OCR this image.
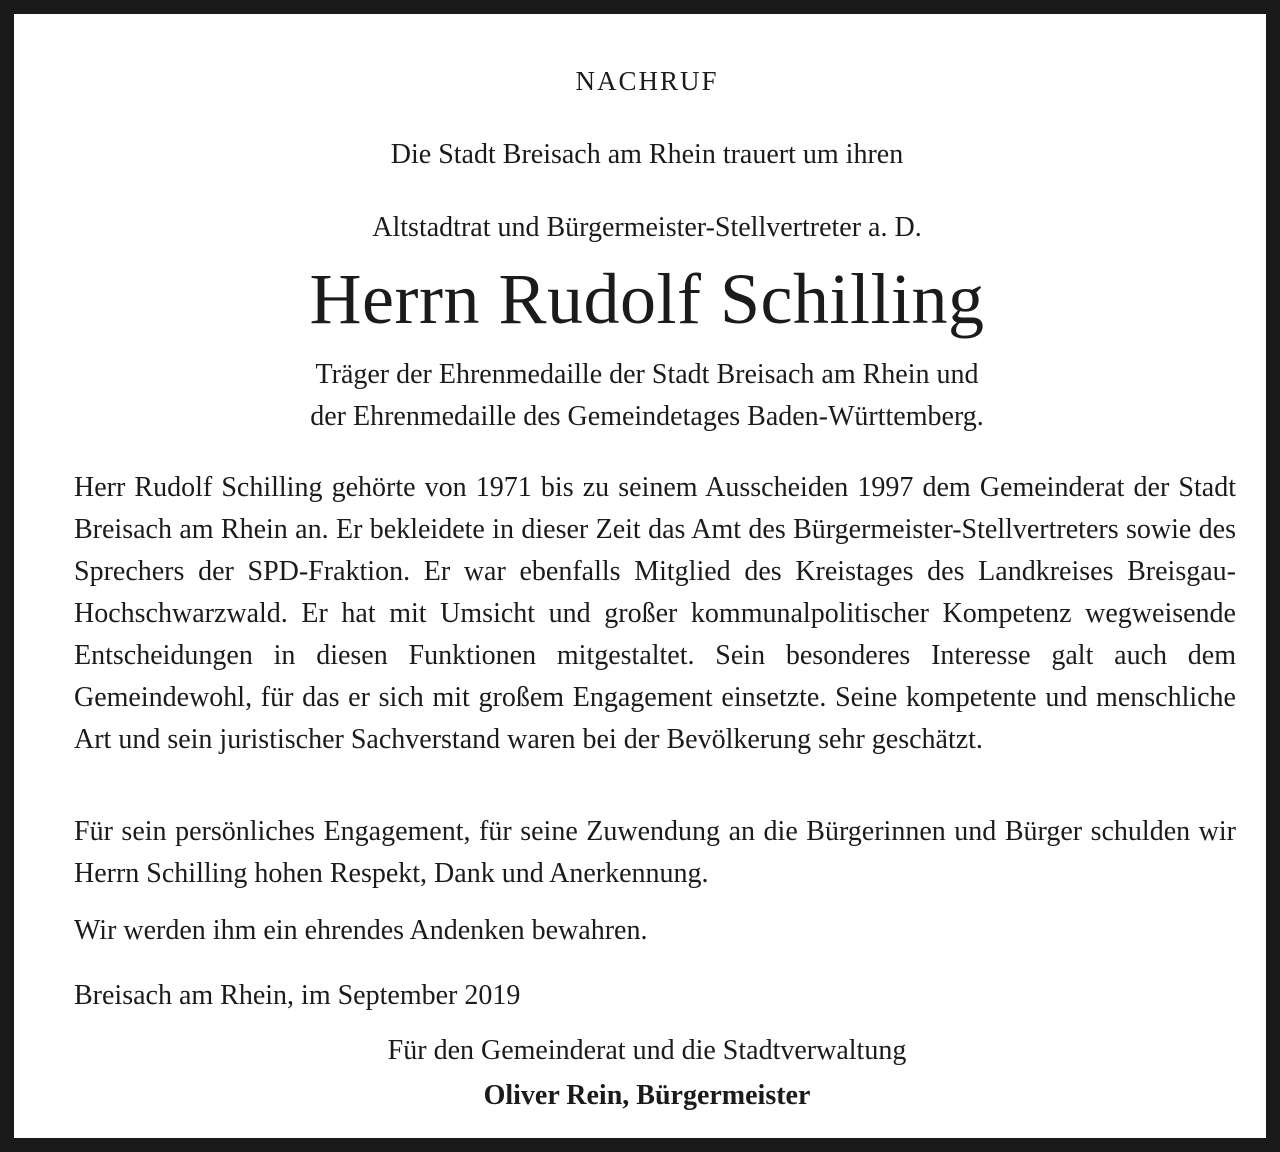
NACHRUF
Die Stadt Breisach am Rhein trauert um ihren
Altstadtrat und Bürgermeister-Stellvertreter a. D.
Herrn Rudolf Schilling
Träger der Ehrenmedaille der Stadt Breisach am Rhein und
der Ehrenmedaille des Gemeindetages Baden-Württemberg.
Herr Rudolf Schilling gehörte von 1971 bis zu seinem Ausscheiden 1997 dem Gemeinderat der Stadt Breisach am Rhein an. Er bekleidete in dieser Zeit das Amt des Bürgermeister-Stellvertreters sowie des Sprechers der SPD-Fraktion. Er war ebenfalls Mitglied des Kreistages des Landkreises Breisgau-Hochschwarzwald. Er hat mit Umsicht und großer kommunalpolitischer Kompetenz wegweisende Entscheidungen in diesen Funktionen mitgestaltet. Sein besonderes Interesse galt auch dem Gemeindewohl, für das er sich mit großem Engagement einsetzte. Seine kompetente und menschliche Art und sein juristischer Sachverstand waren bei der Bevölkerung sehr geschätzt.
Für sein persönliches Engagement, für seine Zuwendung an die Bürgerinnen und Bürger schulden wir Herrn Schilling hohen Respekt, Dank und Anerkennung.
Wir werden ihm ein ehrendes Andenken bewahren.
Breisach am Rhein, im September 2019
Für den Gemeinderat und die Stadtverwaltung
Oliver Rein, Bürgermeister
